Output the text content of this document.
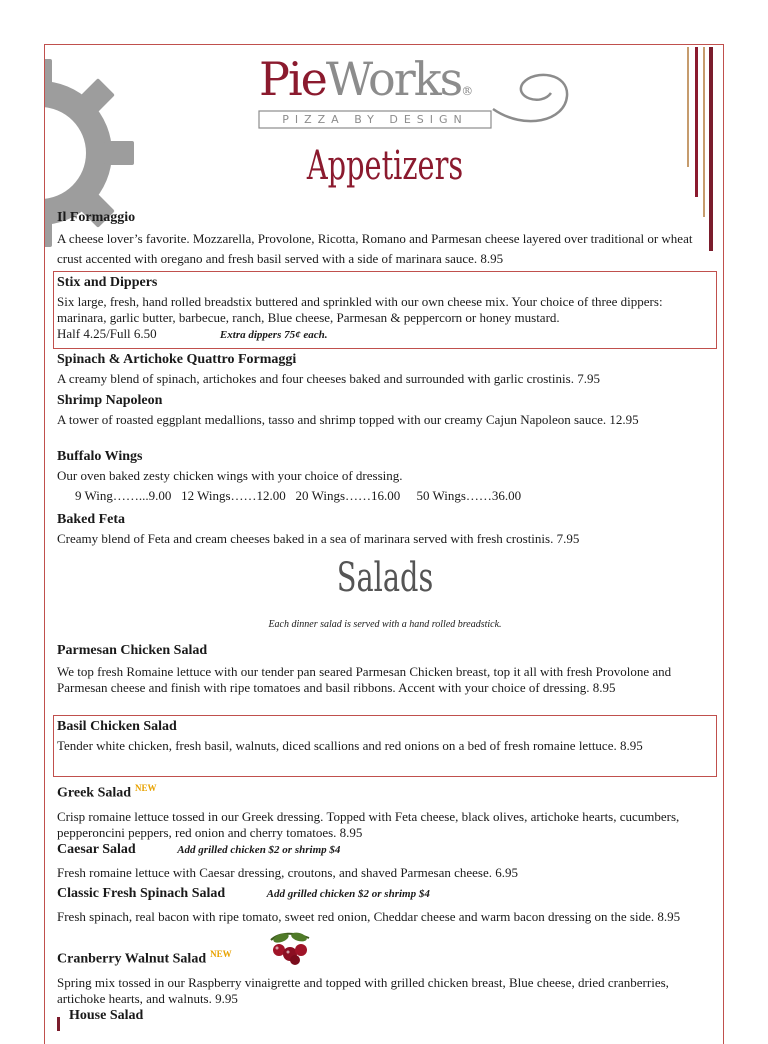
PieWorks®
PIZZA BY DESIGN
Appetizers
Il Formaggio
A cheese lover’s favorite. Mozzarella, Provolone, Ricotta, Romano and Parmesan cheese layered over traditional or wheat crust accented with oregano and fresh basil served with a side of marinara sauce. 8.95
Stix and Dippers
Six large, fresh, hand rolled breadstix buttered and sprinkled with our own cheese mix. Your choice of three dippers: marinara, garlic butter, barbecue, ranch, Blue cheese, Parmesan & peppercorn or honey mustard.
Half 4.25/Full 6.50	Extra dippers 75¢ each.
Spinach & Artichoke Quattro Formaggi
A creamy blend of spinach, artichokes and four cheeses baked and surrounded with garlic crostinis. 7.95
Shrimp Napoleon
A tower of roasted eggplant medallions, tasso and shrimp topped with our creamy Cajun Napoleon sauce. 12.95
Buffalo Wings
Our oven baked zesty chicken wings with your choice of dressing.
9 Wing……...9.00   12 Wings……12.00   20 Wings……16.00     50 Wings……36.00
Baked Feta
Creamy blend of Feta and cream cheeses baked in a sea of marinara served with fresh crostinis. 7.95
Salads
Each dinner salad is served with a hand rolled breadstick.
Parmesan Chicken Salad
We top fresh Romaine lettuce with our tender pan seared Parmesan Chicken breast, top it all with fresh Provolone and Parmesan cheese and finish with ripe tomatoes and basil ribbons. Accent with your choice of dressing. 8.95
Basil Chicken Salad
Tender white chicken, fresh basil, walnuts, diced scallions and red onions on a bed of fresh romaine lettuce. 8.95
Greek Salad $^{NEW}$
Crisp romaine lettuce tossed in our Greek dressing. Topped with Feta cheese, black olives, artichoke hearts, cucumbers, pepperoncini peppers, red onion and cherry tomatoes. 8.95
Caesar Salad	Add grilled chicken $2 or shrimp $4
Fresh romaine lettuce with Caesar dressing, croutons, and shaved Parmesan cheese. 6.95
Classic Fresh Spinach Salad	Add grilled chicken $2 or shrimp $4
Fresh spinach, real bacon with ripe tomato, sweet red onion, Cheddar cheese and warm bacon dressing on the side. 8.95
Cranberry Walnut Salad $^{NEW}$
Spring mix tossed in our Raspberry vinaigrette and topped with grilled chicken breast, Blue cheese, dried cranberries, artichoke hearts, and walnuts. 9.95
House Salad
